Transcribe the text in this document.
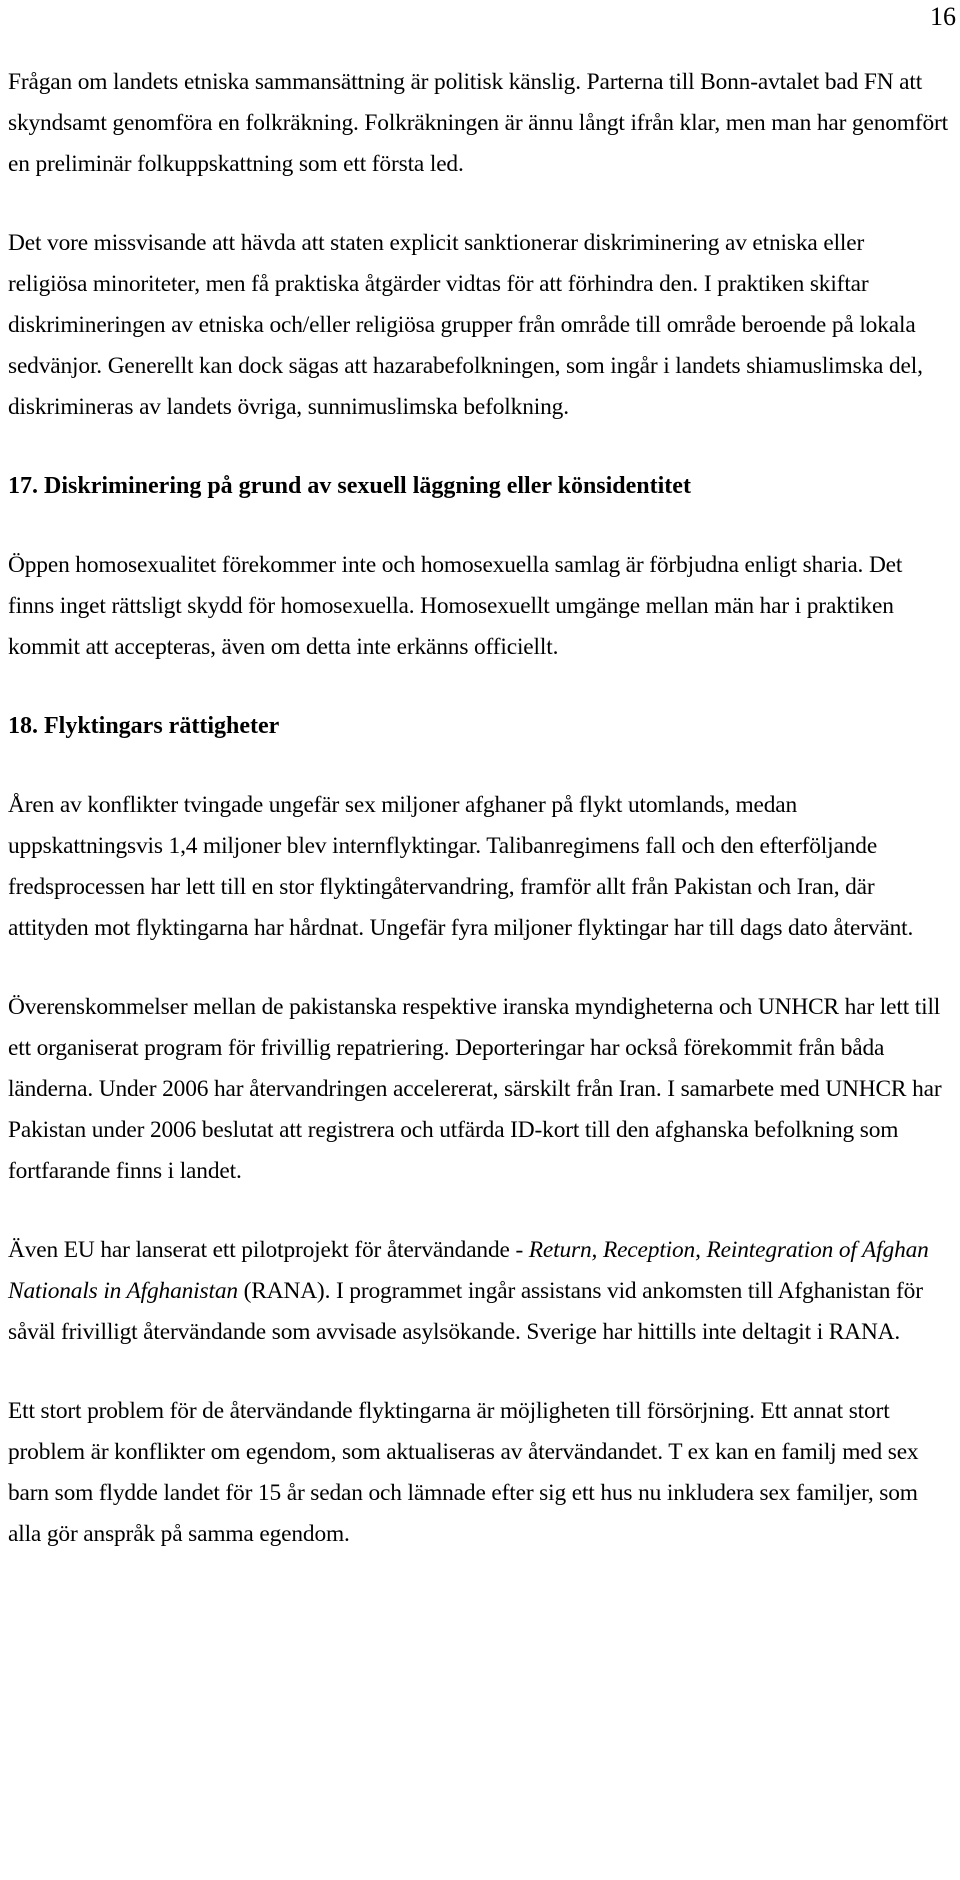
16

Frågan om landets etniska sammansättning är politisk känslig. Parterna till Bonn-avtalet bad FN att skyndsamt genomföra en folkräkning. Folkräkningen är ännu långt ifrån klar, men man har genomfört en preliminär folkuppskattning som ett första led.

Det vore missvisande att hävda att staten explicit sanktionerar diskriminering av etniska eller religiösa minoriteter, men få praktiska åtgärder vidtas för att förhindra den. I praktiken skiftar diskrimineringen av etniska och/eller religiösa grupper från område till område beroende på lokala sedvänjor. Generellt kan dock sägas att hazarabefolkningen, som ingår i landets shiamuslimska del, diskrimineras av landets övriga, sunnimuslimska befolkning.

17. Diskriminering på grund av sexuell läggning eller könsidentitet

Öppen homosexualitet förekommer inte och homosexuella samlag är förbjudna enligt sharia. Det finns inget rättsligt skydd för homosexuella. Homosexuellt umgänge mellan män har i praktiken kommit att accepteras, även om detta inte erkänns officiellt.

18. Flyktingars rättigheter

Åren av konflikter tvingade ungefär sex miljoner afghaner på flykt utomlands, medan uppskattningsvis 1,4 miljoner blev internflyktingar. Talibanregimens fall och den efterföljande fredsprocessen har lett till en stor flyktingåtervandring, framför allt från Pakistan och Iran, där attityden mot flyktingarna har hårdnat. Ungefär fyra miljoner flyktingar har till dags dato återvänt.

Överenskommelser mellan de pakistanska respektive iranska myndigheterna och UNHCR har lett till ett organiserat program för frivillig repatriering. Deporteringar har också förekommit från båda länderna. Under 2006 har återvandringen accelererat, särskilt från Iran. I samarbete med UNHCR har Pakistan under 2006 beslutat att registrera och utfärda ID-kort till den afghanska befolkning som fortfarande finns i landet.

Även EU har lanserat ett pilotprojekt för återvändande - Return, Reception, Reintegration of Afghan Nationals in Afghanistan (RANA). I programmet ingår assistans vid ankomsten till Afghanistan för såväl frivilligt återvändande som avvisade asylsökande. Sverige har hittills inte deltagit i RANA.

Ett stort problem för de återvändande flyktingarna är möjligheten till försörjning. Ett annat stort problem är konflikter om egendom, som aktualiseras av återvändandet. T ex kan en familj med sex barn som flydde landet för 15 år sedan och lämnade efter sig ett hus nu inkludera sex familjer, som alla gör anspråk på samma egendom.
